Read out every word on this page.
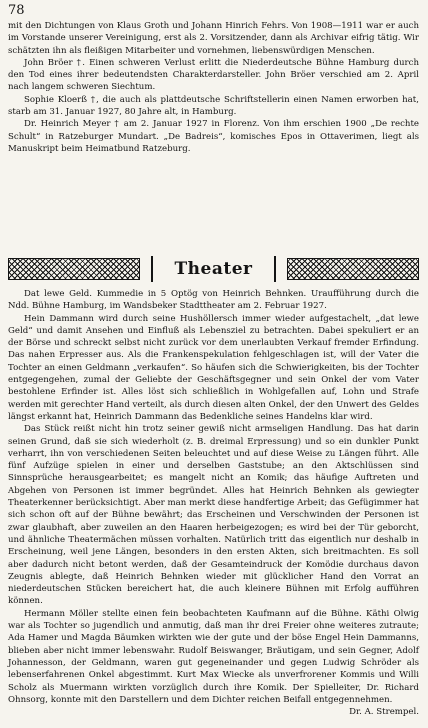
78

mit den Dichtungen von Klaus Groth und Johann Hinrich Fehrs. Von 1908—1911 war er auch im Vorstande unserer Vereinigung, erst als 2. Vorsitzender, dann als Archivar eifrig tätig. Wir schätzten ihn als fleißigen Mitarbeiter und vornehmen, liebenswürdigen Menschen.

John Bröer †. Einen schweren Verlust erlitt die Niederdeutsche Bühne Hamburg durch den Tod eines ihrer bedeutendsten Charakterdarsteller. John Bröer verschied am 2. April nach langem schweren Siechtum.

Sophie Kloerß †, die auch als plattdeutsche Schriftstellerin einen Namen erworben hat, starb am 31. Januar 1927, 80 Jahre alt, in Hamburg.

Dr. Heinrich Meyer † am 2. Januar 1927 in Florenz. Von ihm erschien 1900 „De rechte Schult“ in Ratzeburger Mundart. „De Badreis“, komisches Epos in Ottaverimen, liegt als Manuskript beim Heimatbund Ratzeburg.

Theater

Dat lewe Geld. Kummedie in 5 Optög von Heinrich Behnken. Uraufführung durch die Ndd. Bühne Hamburg, im Wandsbeker Stadttheater am 2. Februar 1927.

Hein Dammann wird durch seine Hushöllersch immer wieder aufgestachelt, „dat lewe Geld“ und damit Ansehen und Einfluß als Lebensziel zu betrachten. Dabei spekuliert er an der Börse und schreckt selbst nicht zurück vor dem unerlaubten Verkauf fremder Erfindung. Das nahen Erpresser aus. Als die Frankenspekulation fehlgeschlagen ist, will der Vater die Tochter an einen Geldmann „verkaufen“. So häufen sich die Schwierigkeiten, bis der Tochter entgegengehen, zumal der Geliebte der Geschäftsgegner und sein Onkel der vom Vater bestohlene Erfinder ist. Alles löst sich schließlich in Wohlgefallen auf, Lohn und Strafe werden mit gerechter Hand verteilt, als durch diesen alten Onkel, der den Unwert des Geldes längst erkannt hat, Heinrich Dammann das Bedenkliche seines Handelns klar wird.

Das Stück reißt nicht hin trotz seiner gewiß nicht armseligen Handlung. Das hat darin seinen Grund, daß sie sich wiederholt (z. B. dreimal Erpressung) und so ein dunkler Punkt verharrt, ihn von verschiedenen Seiten beleuchtet und auf diese Weise zu Längen führt. Alle fünf Aufzüge spielen in einer und derselben Gaststube; an den Aktschlüssen sind Sinnsprüche herausgearbeitet; es mangelt nicht an Komik; das häufige Auftreten und Abgehen von Personen ist immer begründet. Alles hat Heinrich Behnken als gewiegter Theaterkenner berücksichtigt. Aber man merkt diese handfertige Arbeit; das Gefügimmer hat sich schon oft auf der Bühne bewährt; das Erscheinen und Verschwinden der Personen ist zwar glaubhaft, aber zuweilen an den Haaren herbeigezogen; es wird bei der Tür geborcht, und ähnliche Theatermächen müssen vorhalten. Natürlich tritt das eigentlich nur deshalb in Erscheinung, weil jene Längen, besonders in den ersten Akten, sich breitmachten. Es soll aber dadurch nicht betont werden, daß der Gesamteindruck der Komödie durchaus davon Zeugnis ablegte, daß Heinrich Behnken wieder mit glücklicher Hand den Vorrat an niederdeutschen Stücken bereichert hat, die auch kleinere Bühnen mit Erfolg aufführen können.

Hermann Möller stellte einen fein beobachteten Kaufmann auf die Bühne. Käthi Olwig war als Tochter so jugendlich und anmutig, daß man ihr drei Freier ohne weiteres zutraute; Ada Hamer und Magda Bäumken wirkten wie der gute und der böse Engel Hein Dammanns, blieben aber nicht immer lebenswahr. Rudolf Beiswanger, Bräutigam, und sein Gegner, Adolf Johannesson, der Geldmann, waren gut gegeneinander und gegen Ludwig Schröder als lebenserfahrenen Onkel abgestimmt. Kurt Max Wiecke als unverfrorener Kommis und Willi Scholz als Muermann wirkten vorzüglich durch ihre Komik. Der Spielleiter, Dr. Richard Ohnsorg, konnte mit den Darstellern und dem Dichter reichen Beifall entgegennehmen.

Dr. A. Strempel.
